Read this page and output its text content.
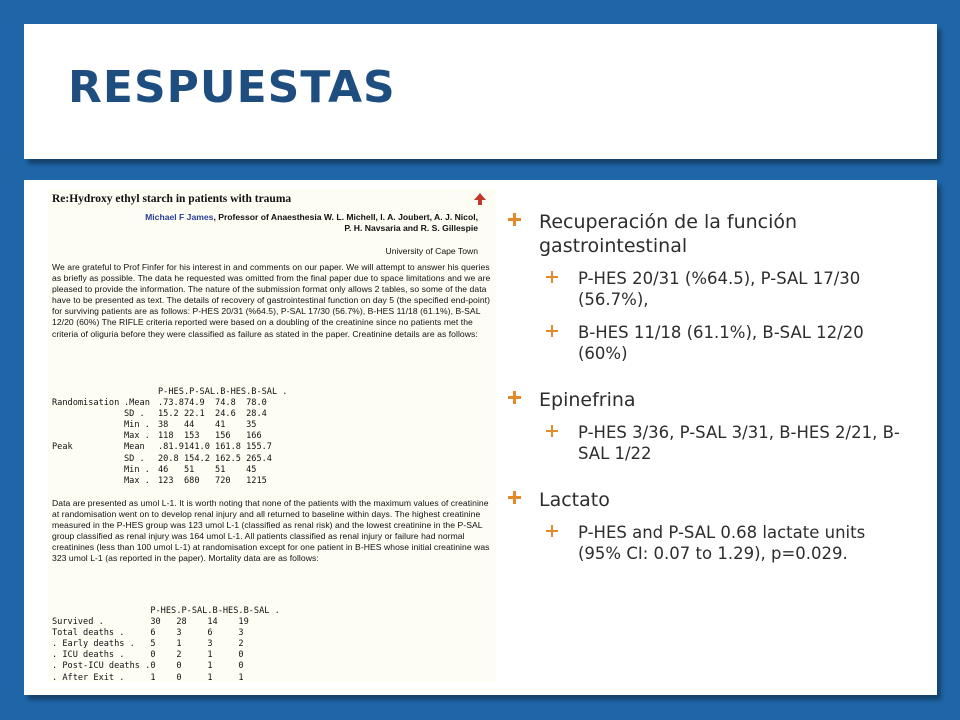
RESPUESTAS
Re:Hydroxy ethyl starch in patients with trauma
Michael F James, Professor of Anaesthesia W. L. Michell, I. A. Joubert, A. J. Nicol,
P. H. Navsaria and R. S. Gillespie
University of Cape Town

We are grateful to Prof Finfer for his interest in and comments on our paper. We will attempt to answer his queries as briefly as possible. The data he requested was omitted from the final paper due to space limitations and we are pleased to provide the information. The nature of the submission format only allows 2 tables, so some of the data have to be presented as text. The details of recovery of gastrointestinal function on day 5 (the specified end-point) for surviving patients are as follows: P-HES 20/31 (%64.5), P-SAL 17/30 (56.7%), B-HES 11/18 (61.1%), B-SAL 12/20 (60%) The RIFLE criteria reported were based on a doubling of the creatinine since no patients met the criteria of oliguria before they were classified as failure as stated in the paper. Creatinine details are as follows:

		P-HES	.P-SAL	.B-HES	.B-SAL .
Randomisation	.Mean	.73.8	74.9	74.8	78.0
	SD .	15.2	22.1	24.6	28.4
	Min .	38	44	41	35
	Max .	118	153	156	166
Peak	Mean	.81.9	141.0	161.8	155.7
	SD .	20.8	154.2	162.5	265.4
	Min .	46	51	51	45
	Max .	123	680	720	1215

Data are presented as umol L-1. It is worth noting that none of the patients with the maximum values of creatinine at randomisation went on to develop renal injury and all returned to baseline within days. The highest creatinine measured in the P-HES group was 123 umol L-1 (classified as renal risk) and the lowest creatinine in the P-SAL group classified as renal injury was 164 umol L-1. All patients classified as renal injury or failure had normal creatinines (less than 100 umol L-1) at randomisation except for one patient in B-HES whose initial creatinine was 323 umol L-1 (as reported in the paper). Mortality data are as follows:

	P-HES	.P-SAL	.B-HES	.B-SAL .
Survived .	30	28	14	19
Total deaths .	6	3	6	3
. Early deaths .	5	1	3	2
. ICU deaths .	0	2	1	0
. Post-ICU deaths .	0	0	1	0
. After Exit .	1	0	1	1
Recuperación de la función gastrointestinal
P-HES 20/31 (%64.5), P-SAL 17/30 (56.7%),
B-HES 11/18 (61.1%), B-SAL 12/20 (60%)
Epinefrina
P-HES 3/36, P-SAL 3/31, B-HES 2/21, B-SAL 1/22
Lactato
P-HES and P-SAL 0.68 lactate units (95% CI: 0.07 to 1.29), p=0.029.
